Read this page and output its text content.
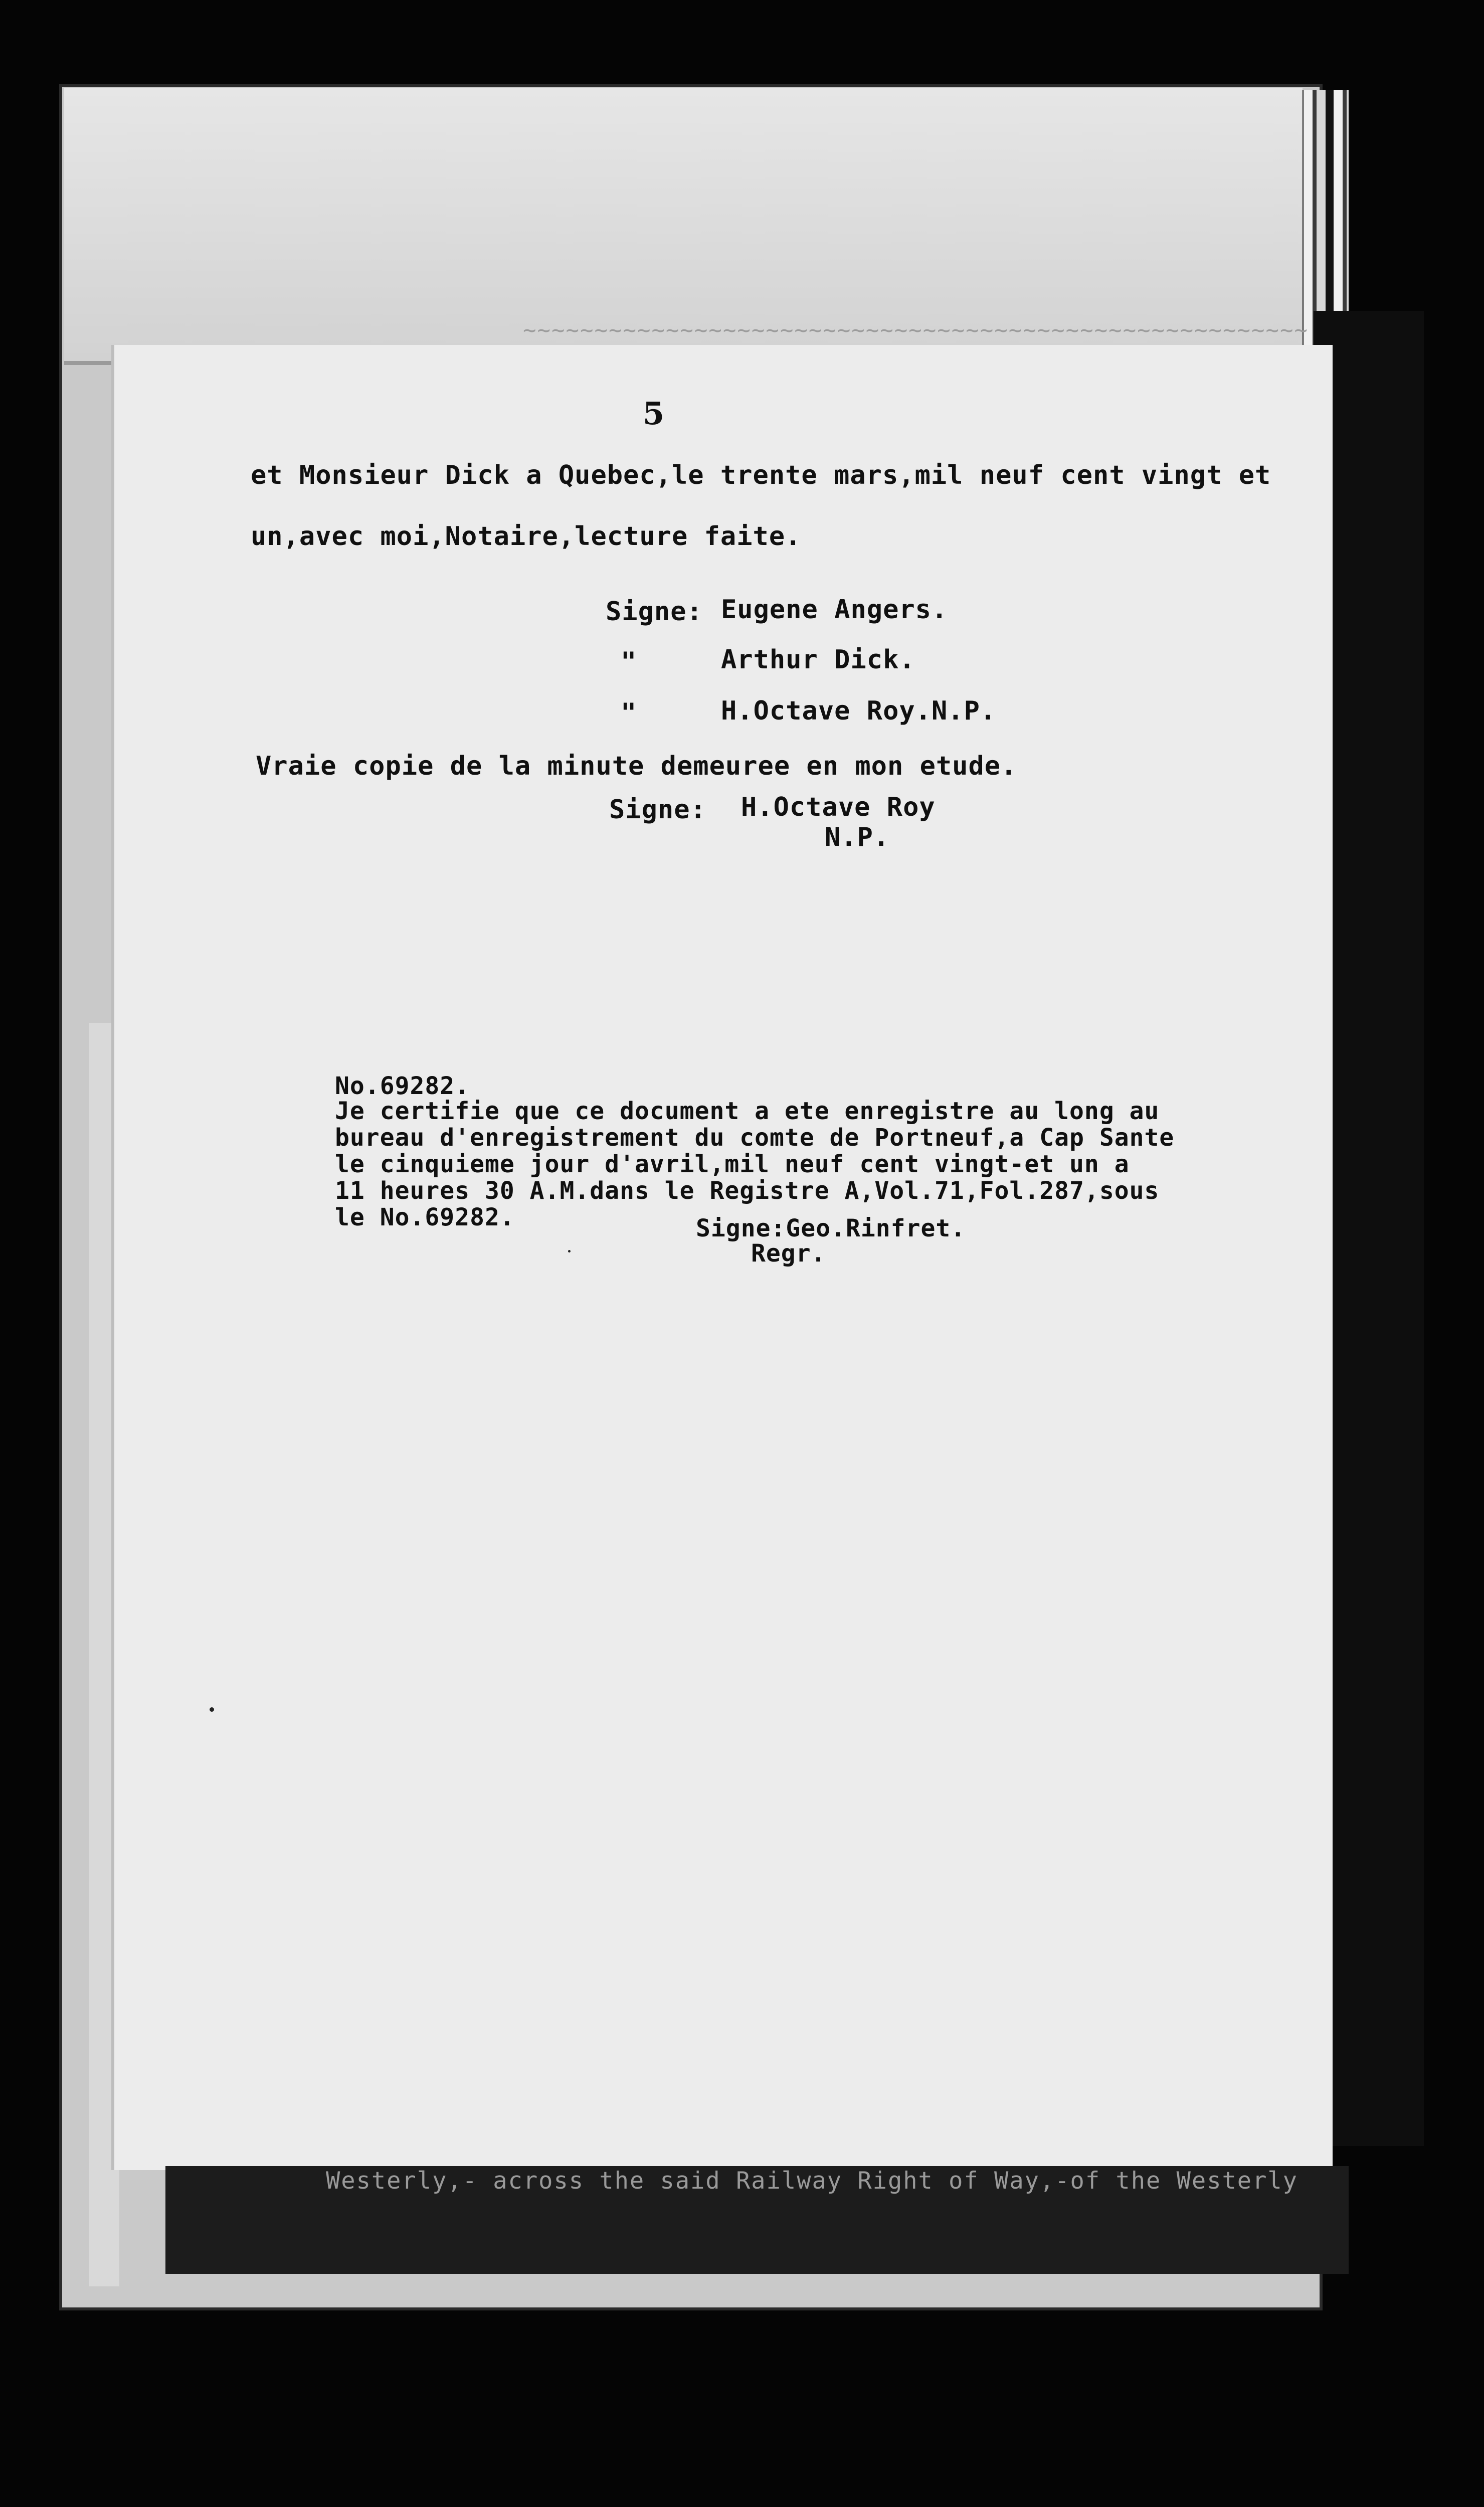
~~~~~~~~~~~~~~~~~~~~~~~~~~~~~~~~~~~~~~~~~~~~~~~~~~~~~~~
5
et Monsieur Dick a Quebec,le trente mars,mil neuf cent vingt et
un,avec moi,Notaire,lecture faite.
Signe: Eugene Angers.
"	Arthur Dick.
"	H.Octave Roy.N.P.
Vraie copie de la minute demeuree en mon etude.
Signe: H.Octave Roy
N.P.
No.69282.
Je certifie que ce document a ete enregistre au long au
bureau d'enregistrement du comte de Portneuf,a Cap Sante
le cinquieme jour d'avril,mil neuf cent vingt-et un a
11 heures 30 A.M.dans le Registre A,Vol.71,Fol.287,sous
le No.69282.	Signe:Geo.Rinfret.
Regr.
Westerly,- across the said Railway Right of Way,-of the Westerly
